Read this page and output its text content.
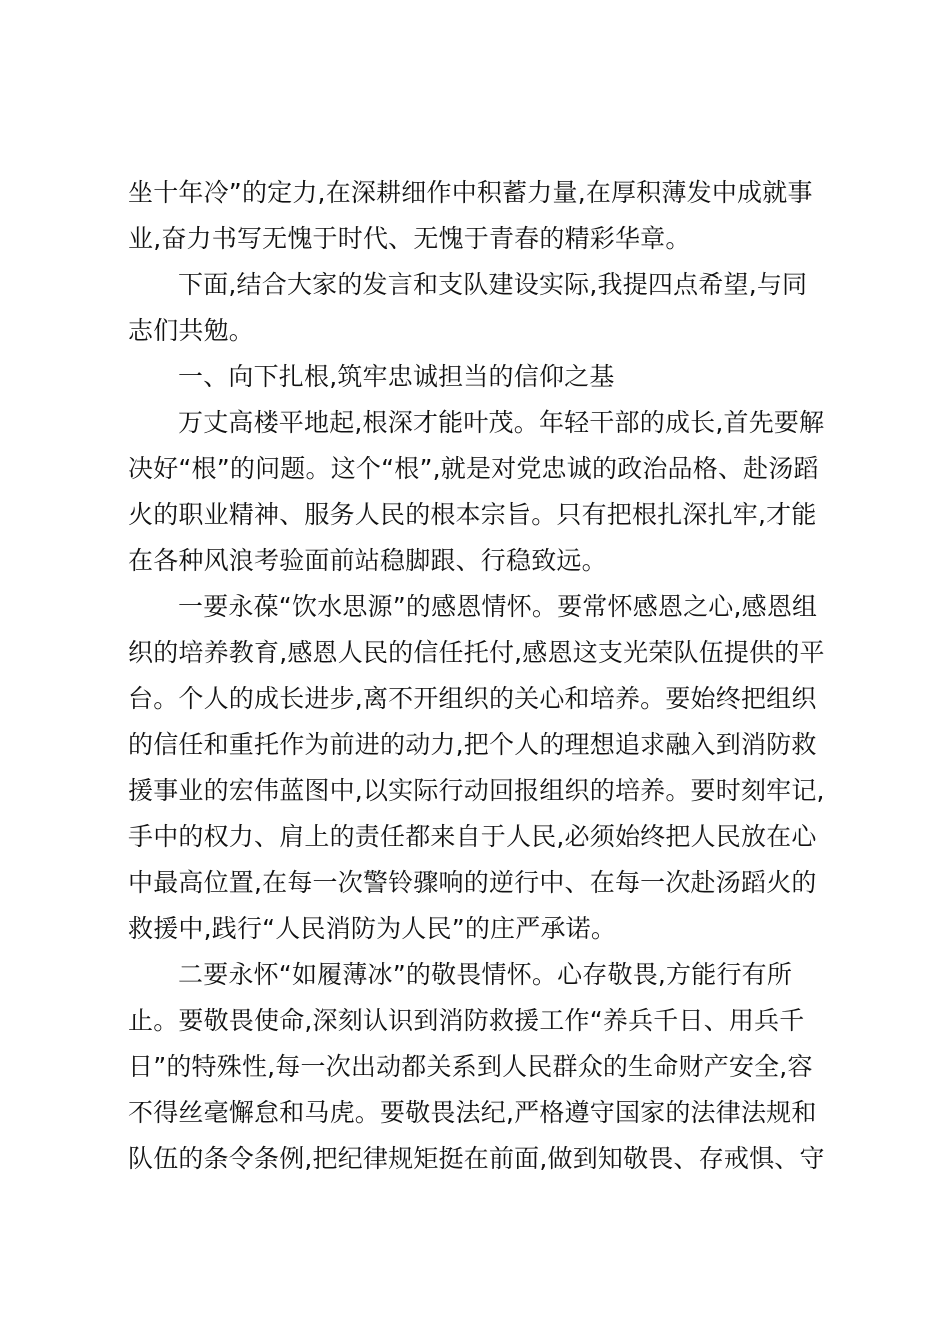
坐十年冷”的定力,在深耕细作中积蓄力量,在厚积薄发中成就事
业,奋力书写无愧于时代、无愧于青春的精彩华章。
下面,结合大家的发言和支队建设实际,我提四点希望,与同
志们共勉。
一、向下扎根,筑牢忠诚担当的信仰之基
万丈高楼平地起,根深才能叶茂。年轻干部的成长,首先要解
决好“根”的问题。这个“根”,就是对党忠诚的政治品格、赴汤蹈
火的职业精神、服务人民的根本宗旨。只有把根扎深扎牢,才能
在各种风浪考验面前站稳脚跟、行稳致远。
一要永葆“饮水思源”的感恩情怀。要常怀感恩之心,感恩组
织的培养教育,感恩人民的信任托付,感恩这支光荣队伍提供的平
台。个人的成长进步,离不开组织的关心和培养。要始终把组织
的信任和重托作为前进的动力,把个人的理想追求融入到消防救
援事业的宏伟蓝图中,以实际行动回报组织的培养。要时刻牢记,
手中的权力、肩上的责任都来自于人民,必须始终把人民放在心
中最高位置,在每一次警铃骤响的逆行中、在每一次赴汤蹈火的
救援中,践行“人民消防为人民”的庄严承诺。
二要永怀“如履薄冰”的敬畏情怀。心存敬畏,方能行有所
止。要敬畏使命,深刻认识到消防救援工作“养兵千日、用兵千
日”的特殊性,每一次出动都关系到人民群众的生命财产安全,容
不得丝毫懈怠和马虎。要敬畏法纪,严格遵守国家的法律法规和
队伍的条令条例,把纪律规矩挺在前面,做到知敬畏、存戒惧、守
